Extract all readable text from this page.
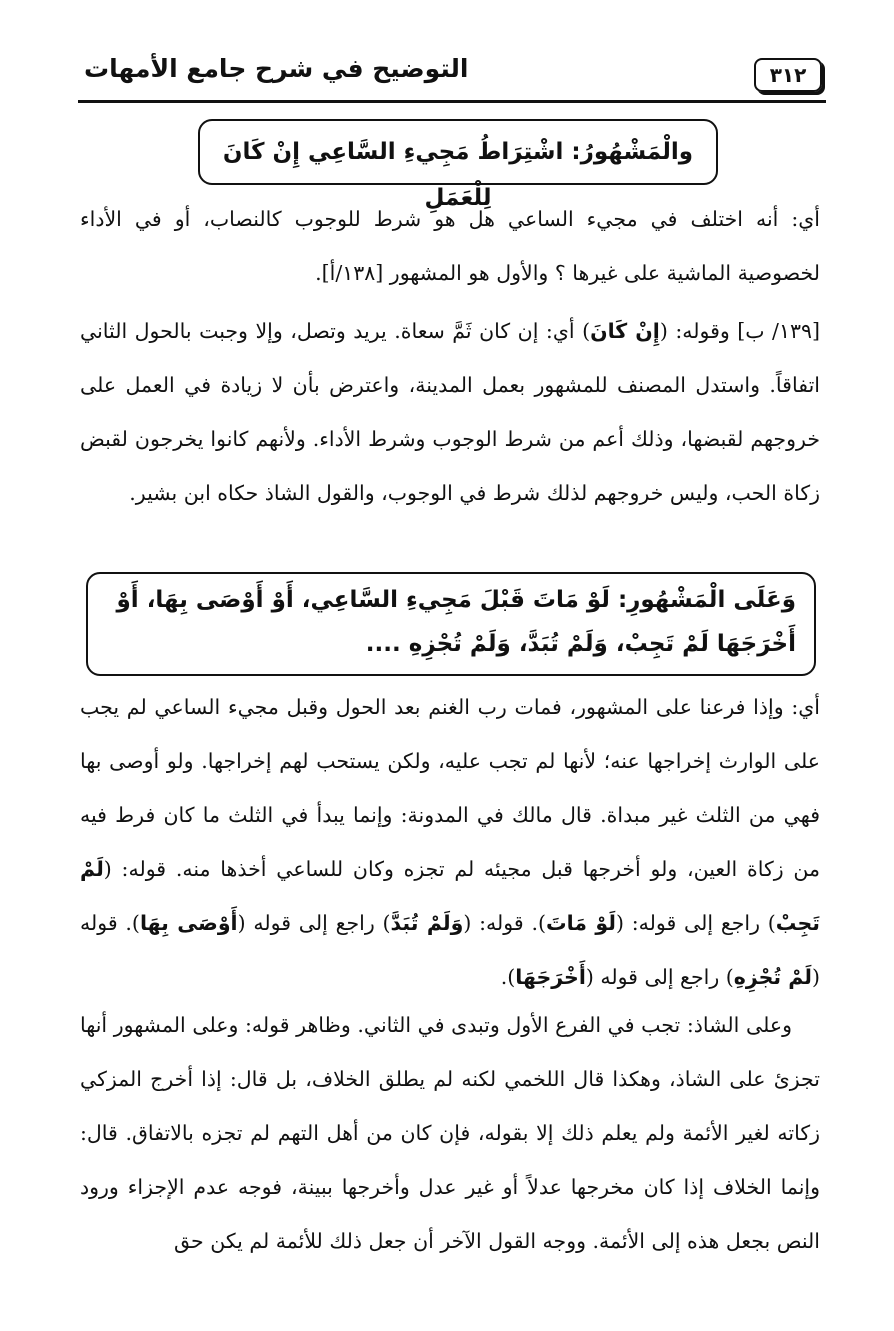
٣١٢
التوضيح في شرح جامع الأمهات
والْمَشْهُورُ: اشْتِرَاطُ مَجِيءِ السَّاعِي إِنْ كَانَ لِلْعَمَلِ
أي: أنه اختلف في مجيء الساعي هل هو شرط للوجوب كالنصاب، أو في الأداء لخصوصية الماشية على غيرها ؟ والأول هو المشهور [١٣٨/أ].
[١٣٩/ ب] وقوله: (إِنْ كَانَ) أي: إن كان ثَمَّ سعاة. يريد وتصل، وإلا وجبت بالحول الثاني اتفاقاً. واستدل المصنف للمشهور بعمل المدينة، واعترض بأن لا زيادة في العمل على خروجهم لقبضها، وذلك أعم من شرط الوجوب وشرط الأداء. ولأنهم كانوا يخرجون لقبض زكاة الحب، وليس خروجهم لذلك شرط في الوجوب، والقول الشاذ حكاه ابن بشير.
وَعَلَى الْمَشْهُورِ: لَوْ مَاتَ قَبْلَ مَجِيءِ السَّاعِي، أَوْ أَوْصَى بِهَا، أَوْ أَخْرَجَهَا لَمْ تَجِبْ، وَلَمْ تُبَدَّ، وَلَمْ تُجْزِهِ ....
أي: وإذا فرعنا على المشهور، فمات رب الغنم بعد الحول وقبل مجيء الساعي لم يجب على الوارث إخراجها عنه؛ لأنها لم تجب عليه، ولكن يستحب لهم إخراجها. ولو أوصى بها فهي من الثلث غير مبداة. قال مالك في المدونة: وإنما يبدأ في الثلث ما كان فرط فيه من زكاة العين، ولو أخرجها قبل مجيئه لم تجزه وكان للساعي أخذها منه. قوله: (لَمْ تَجِبْ) راجع إلى قوله: (لَوْ مَاتَ). قوله: (وَلَمْ تُبَدَّ) راجع إلى قوله (أَوْصَى بِهَا). قوله (لَمْ تُجْزِهِ) راجع إلى قوله (أَخْرَجَهَا).
وعلى الشاذ: تجب في الفرع الأول وتبدى في الثاني. وظاهر قوله: وعلى المشهور أنها تجزئ على الشاذ، وهكذا قال اللخمي لكنه لم يطلق الخلاف، بل قال: إذا أخرج المزكي زكاته لغير الأئمة ولم يعلم ذلك إلا بقوله، فإن كان من أهل التهم لم تجزه بالاتفاق. قال: وإنما الخلاف إذا كان مخرجها عدلاً أو غير عدل وأخرجها ببينة، فوجه عدم الإجزاء ورود النص بجعل هذه إلى الأئمة. ووجه القول الآخر أن جعل ذلك للأئمة لم يكن حق
